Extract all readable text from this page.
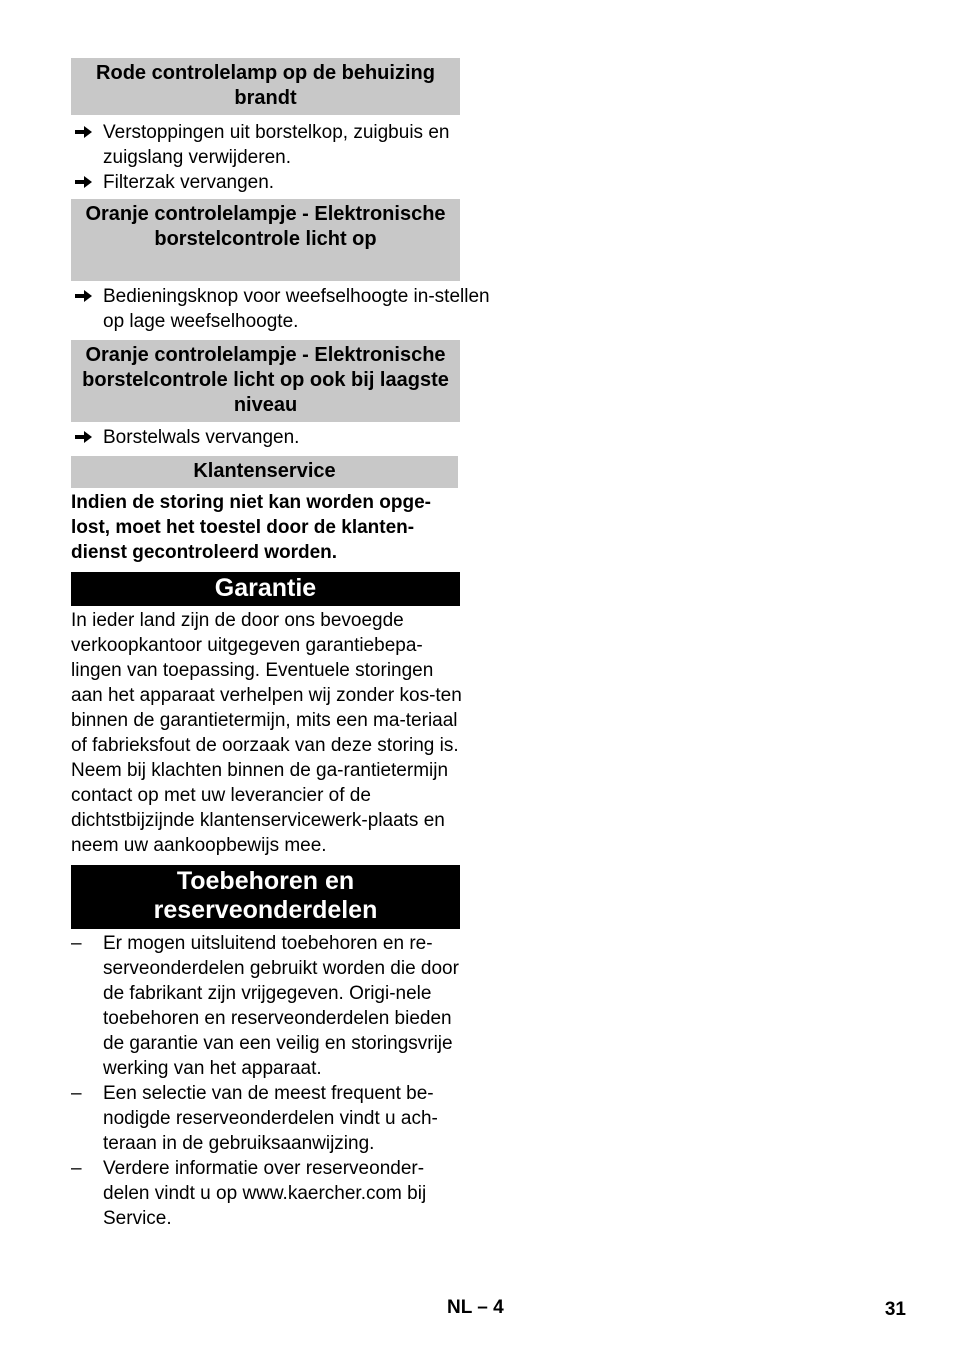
Rode controlelamp op de behuizing brandt
Verstoppingen uit borstelkop, zuigbuis en zuigslang verwijderen.
Filterzak vervangen.
Oranje controlelampje - Elektronische borstelcontrole licht op
Bedieningsknop voor weefselhoogte in-stellen op lage weefselhoogte.
Oranje controlelampje - Elektronische borstelcontrole licht op ook bij laagste niveau
Borstelwals vervangen.
Klantenservice
Indien de storing niet kan worden opge-lost, moet het toestel door de klanten-dienst gecontroleerd worden.
Garantie
In ieder land zijn de door ons bevoegde verkoopkantoor uitgegeven garantiebepa-lingen van toepassing. Eventuele storingen aan het apparaat verhelpen wij zonder kos-ten binnen de garantietermijn, mits een ma-teriaal of fabrieksfout de oorzaak van deze storing is. Neem bij klachten binnen de ga-rantietermijn contact op met uw leverancier of de dichtstbijzijnde klantenservicewerk-plaats en neem uw aankoopbewijs mee.
Toebehoren en reserveonderdelen
– Er mogen uitsluitend toebehoren en re-serveonderdelen gebruikt worden die door de fabrikant zijn vrijgegeven. Origi-nele toebehoren en reserveonderdelen bieden de garantie van een veilig en storingsvrije werking van het apparaat.
– Een selectie van de meest frequent be-nodigde reserveonderdelen vindt u ach-teraan in de gebruiksaanwijzing.
– Verdere informatie over reserveonder-delen vindt u op www.kaercher.com bij Service.
NL – 4	31
